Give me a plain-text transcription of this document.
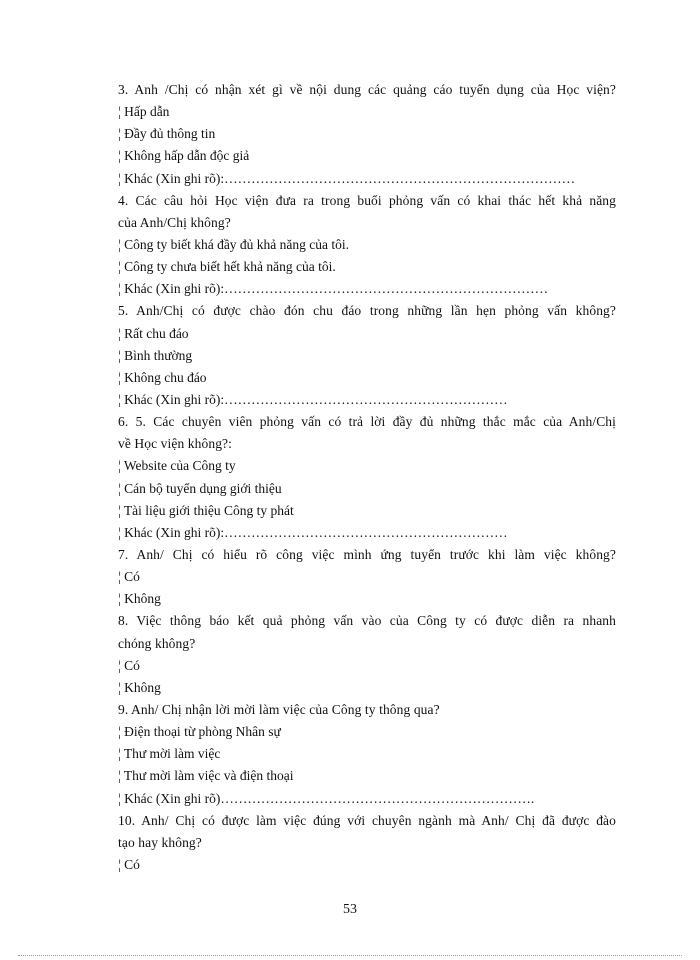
3. Anh /Chị có nhận xét gì về nội dung các quảng cáo tuyển dụng của Học viện?
¦ Hấp dẫn
¦ Đầy đủ thông tin
¦ Không hấp dẫn độc giả
¦ Khác (Xin ghi rõ):……………………………………………………………………
4. Các câu hỏi Học viện đưa ra trong buổi phỏng vấn có khai thác hết khả năng
của Anh/Chị không?
¦ Công ty biết khá đầy đủ khả năng của tôi.
¦ Công ty chưa biết hết khả năng của tôi.
¦ Khác (Xin ghi rõ):………………………………………………………………
5. Anh/Chị có được chào đón chu đáo trong những lần hẹn phỏng vấn không?
¦ Rất chu đáo
¦ Bình thường
¦ Không chu đáo
¦ Khác (Xin ghi rõ):………………………………………………………
6. 5. Các chuyên viên phỏng vấn có trả lời đầy đủ những thắc mắc của Anh/Chị
về Học viện không?:
¦ Website của Công ty
¦ Cán bộ tuyển dụng giới thiệu
¦ Tài liệu giới thiệu Công ty phát
¦ Khác (Xin ghi rõ):………………………………………………………
7. Anh/ Chị có hiểu rõ công việc mình ứng tuyển trước khi làm việc không?
¦ Có
¦ Không
8. Việc thông báo kết quả phỏng vấn vào của Công ty có được diễn ra nhanh
chóng không?
¦ Có
¦ Không
9. Anh/ Chị nhận lời mời làm việc của Công ty thông qua?
¦ Điện thoại từ phòng Nhân sự
¦ Thư mời làm việc
¦ Thư mời làm việc và điện thoại
¦ Khác (Xin ghi rõ)…………………………………………………………….
10. Anh/ Chị có được làm việc đúng với chuyên ngành mà Anh/ Chị đã được đào
tạo hay không?
¦ Có
53
